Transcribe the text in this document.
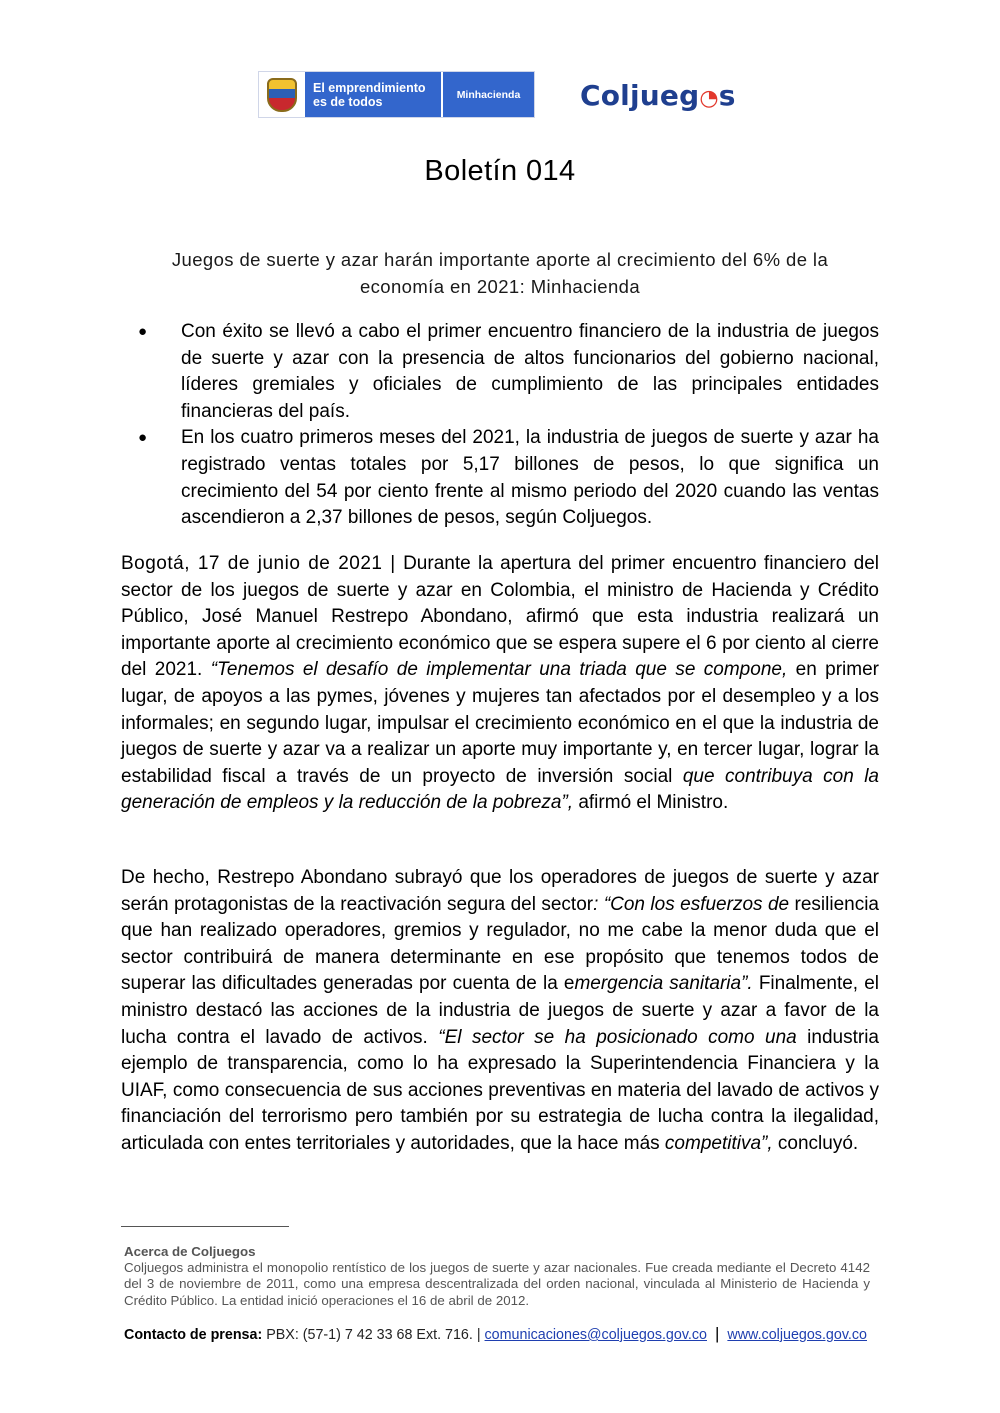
El emprendimiento
es de todos	Minhacienda	Coljueg◔s
Boletín 014
Juegos de suerte y azar harán importante aporte al crecimiento del 6% de la economía en 2021: Minhacienda
● Con éxito se llevó a cabo el primer encuentro financiero de la industria de juegos de suerte y azar con la presencia de altos funcionarios del gobierno nacional, líderes gremiales y oficiales de cumplimiento de las principales entidades financieras del país.
● En los cuatro primeros meses del 2021, la industria de juegos de suerte y azar ha registrado ventas totales por 5,17 billones de pesos, lo que significa un crecimiento del 54 por ciento frente al mismo periodo del 2020 cuando las ventas ascendieron a 2,37 billones de pesos, según Coljuegos.

Bogotá, 17 de junio de 2021 | Durante la apertura del primer encuentro financiero del sector de los juegos de suerte y azar en Colombia, el ministro de Hacienda y Crédito Público, José Manuel Restrepo Abondano, afirmó que esta industria realizará un importante aporte al crecimiento económico que se espera supere el 6 por ciento al cierre del 2021. “Tenemos el desafío de implementar una triada que se compone, en primer lugar, de apoyos a las pymes, jóvenes y mujeres tan afectados por el desempleo y a los informales; en segundo lugar, impulsar el crecimiento económico en el que la industria de juegos de suerte y azar va a realizar un aporte muy importante y, en tercer lugar, lograr la estabilidad fiscal a través de un proyecto de inversión social que contribuya con la generación de empleos y la reducción de la pobreza”, afirmó el Ministro.

De hecho, Restrepo Abondano subrayó que los operadores de juegos de suerte y azar serán protagonistas de la reactivación segura del sector: “Con los esfuerzos de resiliencia que han realizado operadores, gremios y regulador, no me cabe la menor duda que el sector contribuirá de manera determinante en ese propósito que tenemos todos de superar las dificultades generadas por cuenta de la emergencia sanitaria”. Finalmente, el ministro destacó las acciones de la industria de juegos de suerte y azar a favor de la lucha contra el lavado de activos. “El sector se ha posicionado como una industria ejemplo de transparencia, como lo ha expresado la Superintendencia Financiera y la UIAF, como consecuencia de sus acciones preventivas en materia del lavado de activos y financiación del terrorismo pero también por su estrategia de lucha contra la ilegalidad, articulada con entes territoriales y autoridades, que la hace más competitiva”, concluyó.

Acerca de Coljuegos
Coljuegos administra el monopolio rentístico de los juegos de suerte y azar nacionales. Fue creada mediante el Decreto 4142 del 3 de noviembre de 2011, como una empresa descentralizada del orden nacional, vinculada al Ministerio de Hacienda y Crédito Público. La entidad inició operaciones el 16 de abril de 2012.

Contacto de prensa: PBX: (57-1) 7 42 33 68 Ext. 716. | comunicaciones@coljuegos.gov.co | www.coljuegos.gov.co
